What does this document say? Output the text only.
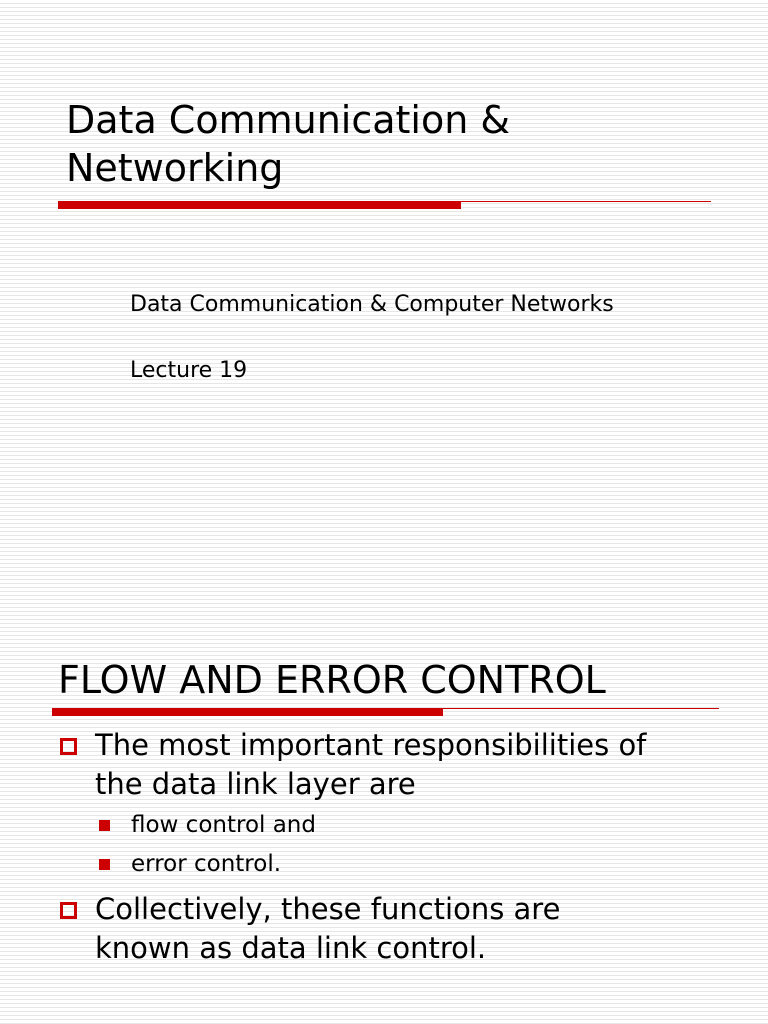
Data Communication &
Networking

Data Communication & Computer Networks

Lecture 19

FLOW AND ERROR CONTROL
The most important responsibilities of
the data link layer are
flow control and
error control.
Collectively, these functions are
known as data link control.
